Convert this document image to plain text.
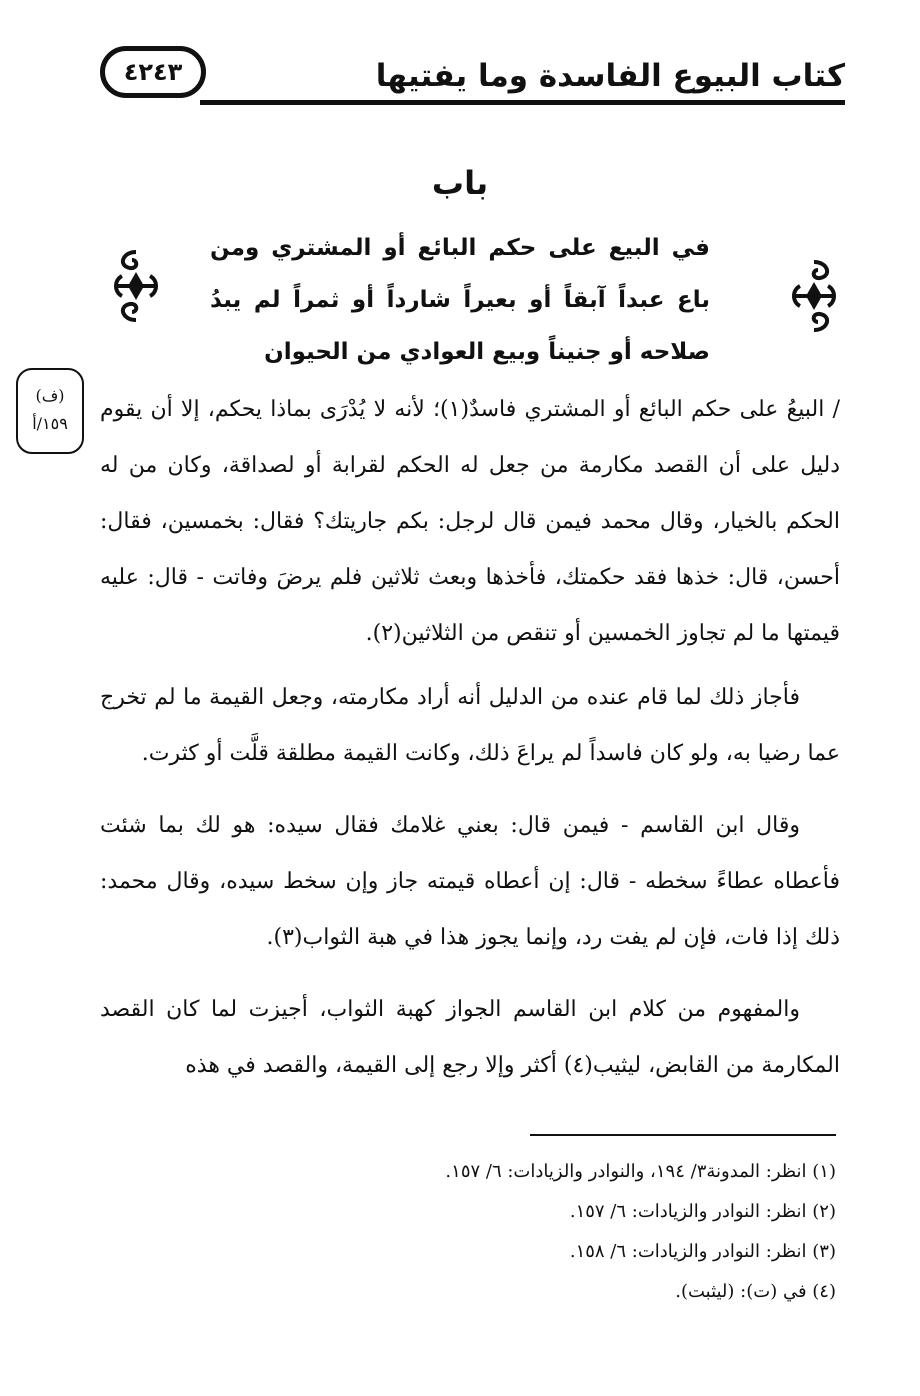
٤٢٤٣	كتاب البيوع الفاسدة وما يفتيها
باب
في البيع على حكم البائع أو المشتري ومن باع عبداً آبقاً أو بعيراً شارداً أو ثمراً لم يبدُ صلاحه أو جنيناً وبيع العوادي من الحيوان
(ف)
١٥٩/أ

/ البيعُ على حكم البائع أو المشتري فاسدٌ(١)؛ لأنه لا يُدْرَى بماذا يحكم، إلا أن يقوم دليل على أن القصد مكارمة من جعل له الحكم لقرابة أو لصداقة، وكان من له الحكم بالخيار، وقال محمد فيمن قال لرجل: بكم جاريتك؟ فقال: بخمسين، فقال: أحسن، قال: خذها فقد حكمتك، فأخذها وبعث ثلاثين فلم يرضَ وفاتت - قال: عليه قيمتها ما لم تجاوز الخمسين أو تنقص من الثلاثين(٢).

فأجاز ذلك لما قام عنده من الدليل أنه أراد مكارمته، وجعل القيمة ما لم تخرج عما رضيا به، ولو كان فاسداً لم يراعَ ذلك، وكانت القيمة مطلقة قلَّت أو كثرت.

وقال ابن القاسم - فيمن قال: بعني غلامك فقال سيده: هو لك بما شئت فأعطاه عطاءً سخطه - قال: إن أعطاه قيمته جاز وإن سخط سيده، وقال محمد: ذلك إذا فات، فإن لم يفت رد، وإنما يجوز هذا في هبة الثواب(٣).

والمفهوم من كلام ابن القاسم الجواز كهبة الثواب، أجيزت لما كان القصد المكارمة من القابض، ليثيب(٤) أكثر وإلا رجع إلى القيمة، والقصد في هذه

(١) انظر: المدونة٣/ ١٩٤، والنوادر والزيادات: ٦/ ١٥٧.
(٢) انظر: النوادر والزيادات: ٦/ ١٥٧.
(٣) انظر: النوادر والزيادات: ٦/ ١٥٨.
(٤) في (ت): (ليثبت).
